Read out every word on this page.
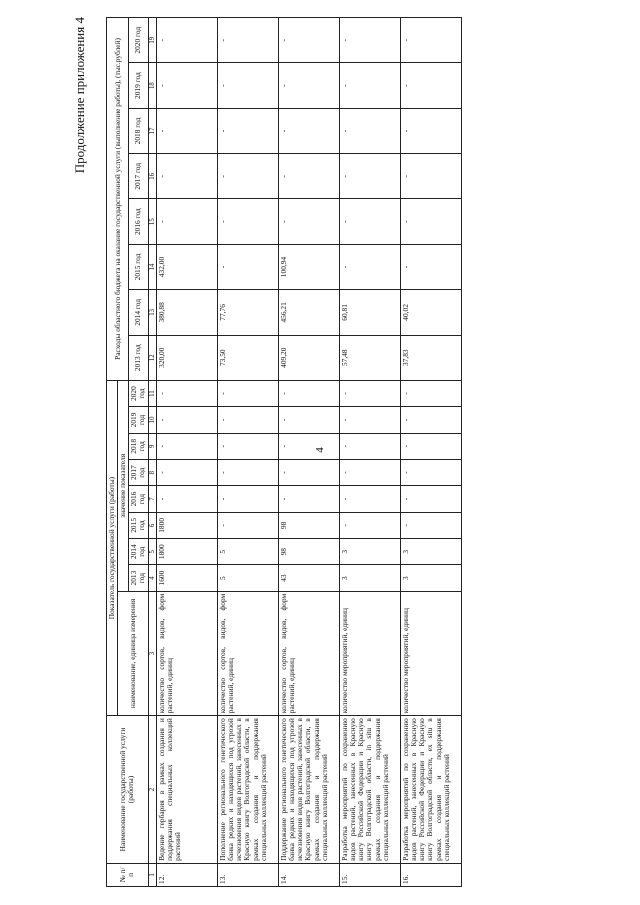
4
Продолжение приложения 4
№ п/п	Наименование государственной услуги (работы)	Показатель государственной услуги (работы)									Расходы областного бюджета на оказание государственной услуги (выполнение работы), (тыс.рублей)							
		наименование, единица измерения	значение показателя															
			2013 год	2014 год	2015 год	2016 год	2017 год	2018 год	2019 год	2020 год	2013 год	2014 год	2015 год	2016 год	2017 год	2018 год	2019 год	2020 год
1	2	3	4	5	6	7	8	9	10	11	12	13	14	15	16	17	18	19
12.	Ведение гербария в рамках создания и поддержания специальных коллекций растений	количество сортов, видов, форм растений, единиц	1600	1800	1800	-	-	-	-	-	320,00	380,88	432,00	-	-	-	-	-
13.	Пополнение регионального генетического банка редких и находящихся под угрозой исчезновения видов растений, занесенных в Красную книгу Волгоградской области, в рамках создания и поддержания специальных коллекций растений	количество сортов, видов, форм растений, единиц	5	5	-	-	-	-	-	-	73,50	77,76	-	-	-	-	-	-
14.	Поддержание регионального генетического банка редких и находящихся под угрозой исчезновения видов растений, занесенных в Красную книгу Волгоградской области, в рамках создания и поддержания специальных коллекций растений	количество сортов, видов, форм растений, единиц	43	98	98	-	-	-	-	-	409,20	456,21	100,94	-	-	-	-	-
15.	Разработка мероприятий по сохранению видов растений, занесенных в Красную книгу Российской Федерации и Красную книгу Волгоградской области, in situ в рамках создания и поддержания специальных коллекций растений	количество мероприятий, единиц	3	3	-	-	-	-	-	-	57,48	60,81	-	-	-	-	-	-
16.	Разработка мероприятий по сохранению видов растений, занесенных в Красную книгу Российской Федерации и Красную книгу Волгоградской области, ex situ в рамках создания и поддержания специальных коллекций растений	количество мероприятий, единиц	3	3	-	-	-	-	-	-	37,83	40,02	-	-	-	-	-	-
